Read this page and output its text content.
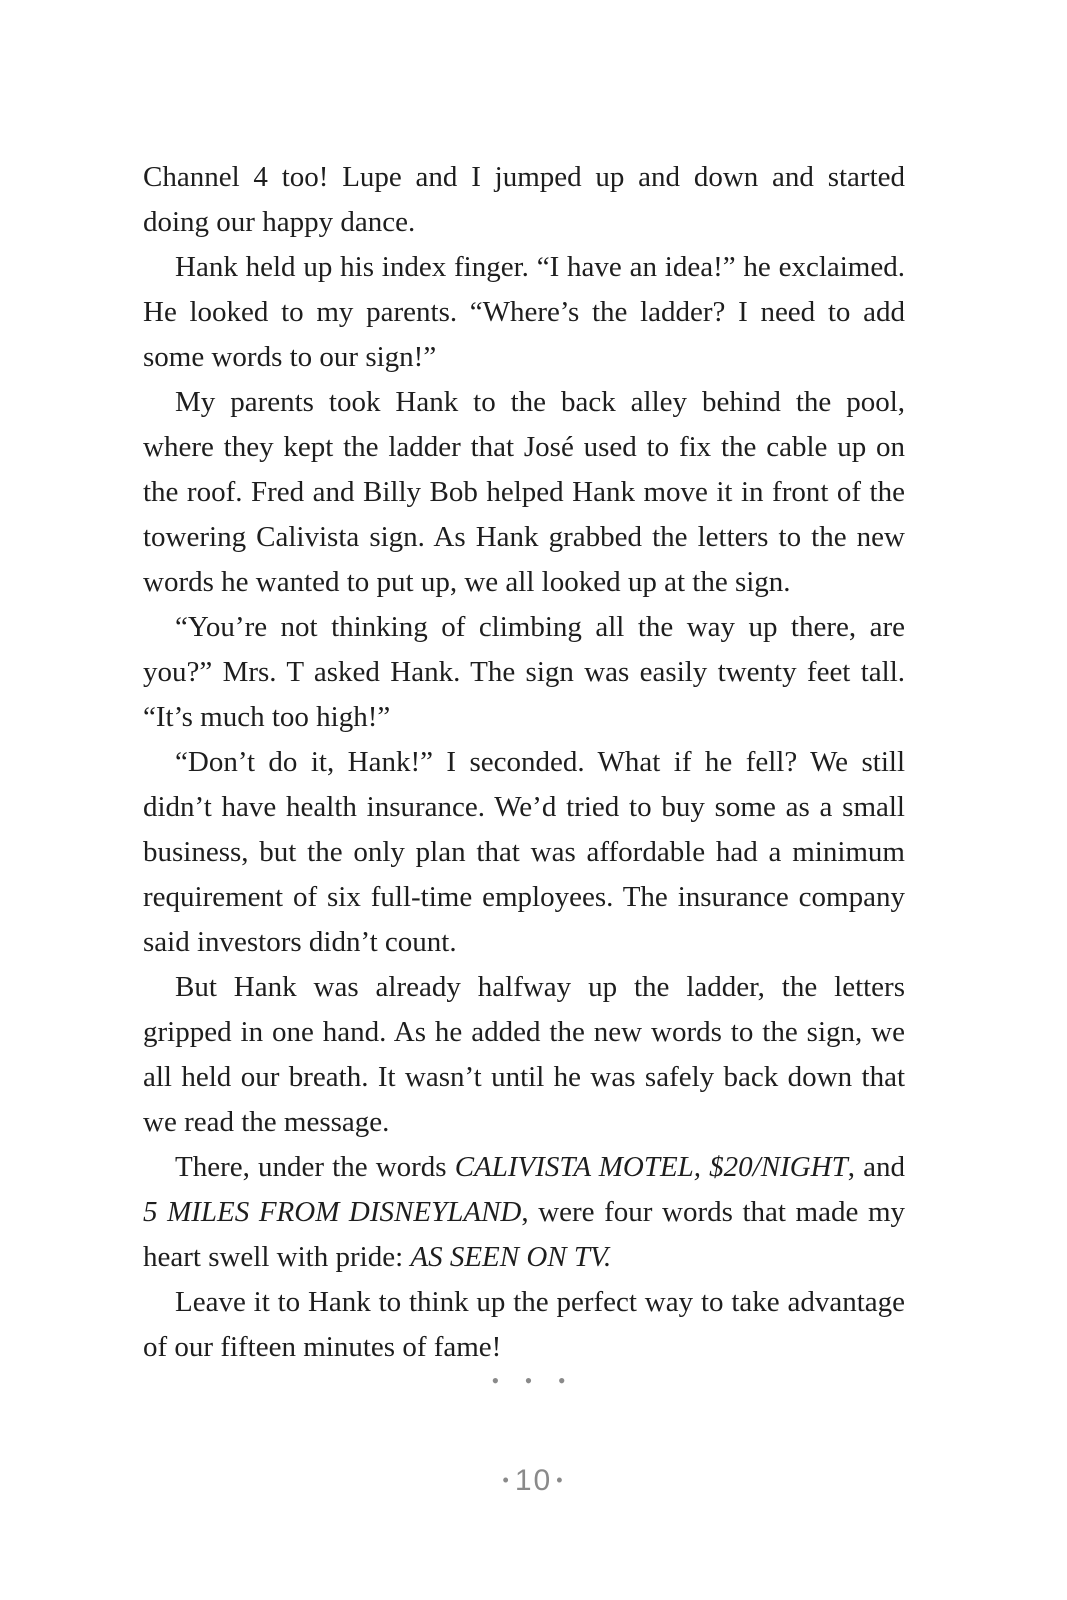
Channel 4 too! Lupe and I jumped up and down and started doing our happy dance.

Hank held up his index finger. “I have an idea!” he exclaimed. He looked to my parents. “Where’s the ladder? I need to add some words to our sign!”

My parents took Hank to the back alley behind the pool, where they kept the ladder that José used to fix the cable up on the roof. Fred and Billy Bob helped Hank move it in front of the towering Calivista sign. As Hank grabbed the letters to the new words he wanted to put up, we all looked up at the sign.

“You’re not thinking of climbing all the way up there, are you?” Mrs. T asked Hank. The sign was easily twenty feet tall. “It’s much too high!”

“Don’t do it, Hank!” I seconded. What if he fell? We still didn’t have health insurance. We’d tried to buy some as a small business, but the only plan that was affordable had a minimum requirement of six full-time employees. The insurance company said investors didn’t count.

But Hank was already halfway up the ladder, the letters gripped in one hand. As he added the new words to the sign, we all held our breath. It wasn’t until he was safely back down that we read the message.

There, under the words CALIVISTA MOTEL, $20/NIGHT, and 5 MILES FROM DISNEYLAND, were four words that made my heart swell with pride: AS SEEN ON TV.

Leave it to Hank to think up the perfect way to take advantage of our fifteen minutes of fame!

• • •
• 10 •
